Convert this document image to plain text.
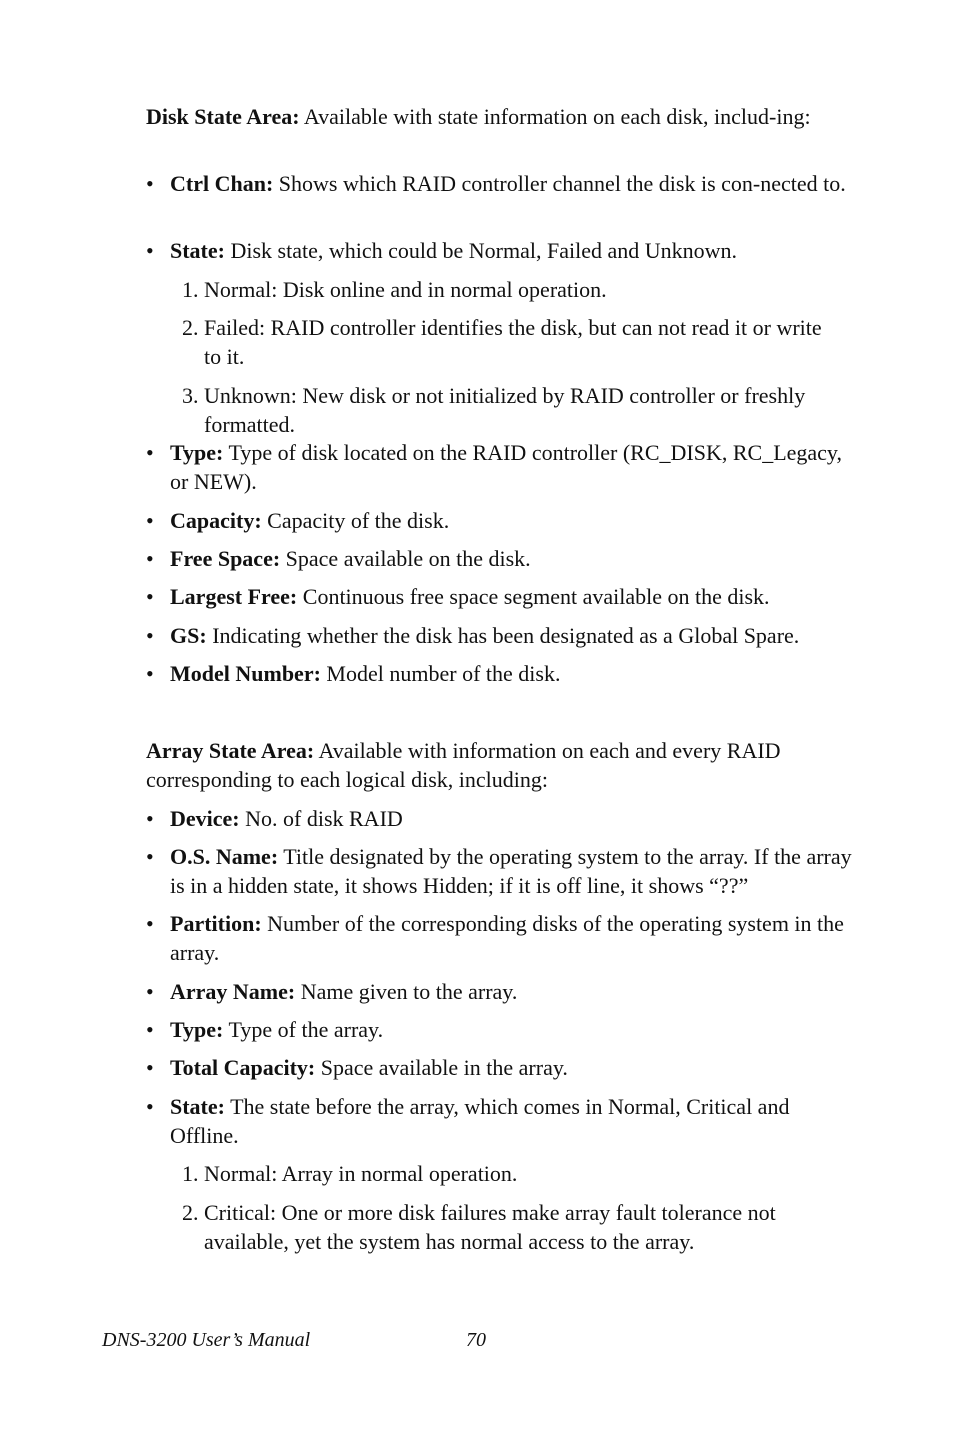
Disk State Area: Available with state information on each disk, includ-ing:

• Ctrl Chan: Shows which RAID controller channel the disk is con-nected to.
• State: Disk state, which could be Normal, Failed and Unknown.
1. Normal: Disk online and in normal operation.
2. Failed: RAID controller identifies the disk, but can not read it or write to it.
3. Unknown: New disk or not initialized by RAID controller or freshly formatted.
• Type: Type of disk located on the RAID controller (RC_DISK, RC_Legacy, or NEW).
• Capacity: Capacity of the disk.
• Free Space: Space available on the disk.
• Largest Free: Continuous free space segment available on the disk.
• GS: Indicating whether the disk has been designated as a Global Spare.
• Model Number: Model number of the disk.

Array State Area: Available with information on each and every RAID corresponding to each logical disk, including:

• Device: No. of disk RAID
• O.S. Name: Title designated by the operating system to the array. If the array is in a hidden state, it shows Hidden; if it is off line, it shows “??”
• Partition: Number of the corresponding disks of the operating system in the array.
• Array Name: Name given to the array.
• Type: Type of the array.
• Total Capacity: Space available in the array.
• State: The state before the array, which comes in Normal, Critical and Offline.
1. Normal: Array in normal operation.
2. Critical: One or more disk failures make array fault tolerance not available, yet the system has normal access to the array.
DNS-3200 User’s Manual	70
